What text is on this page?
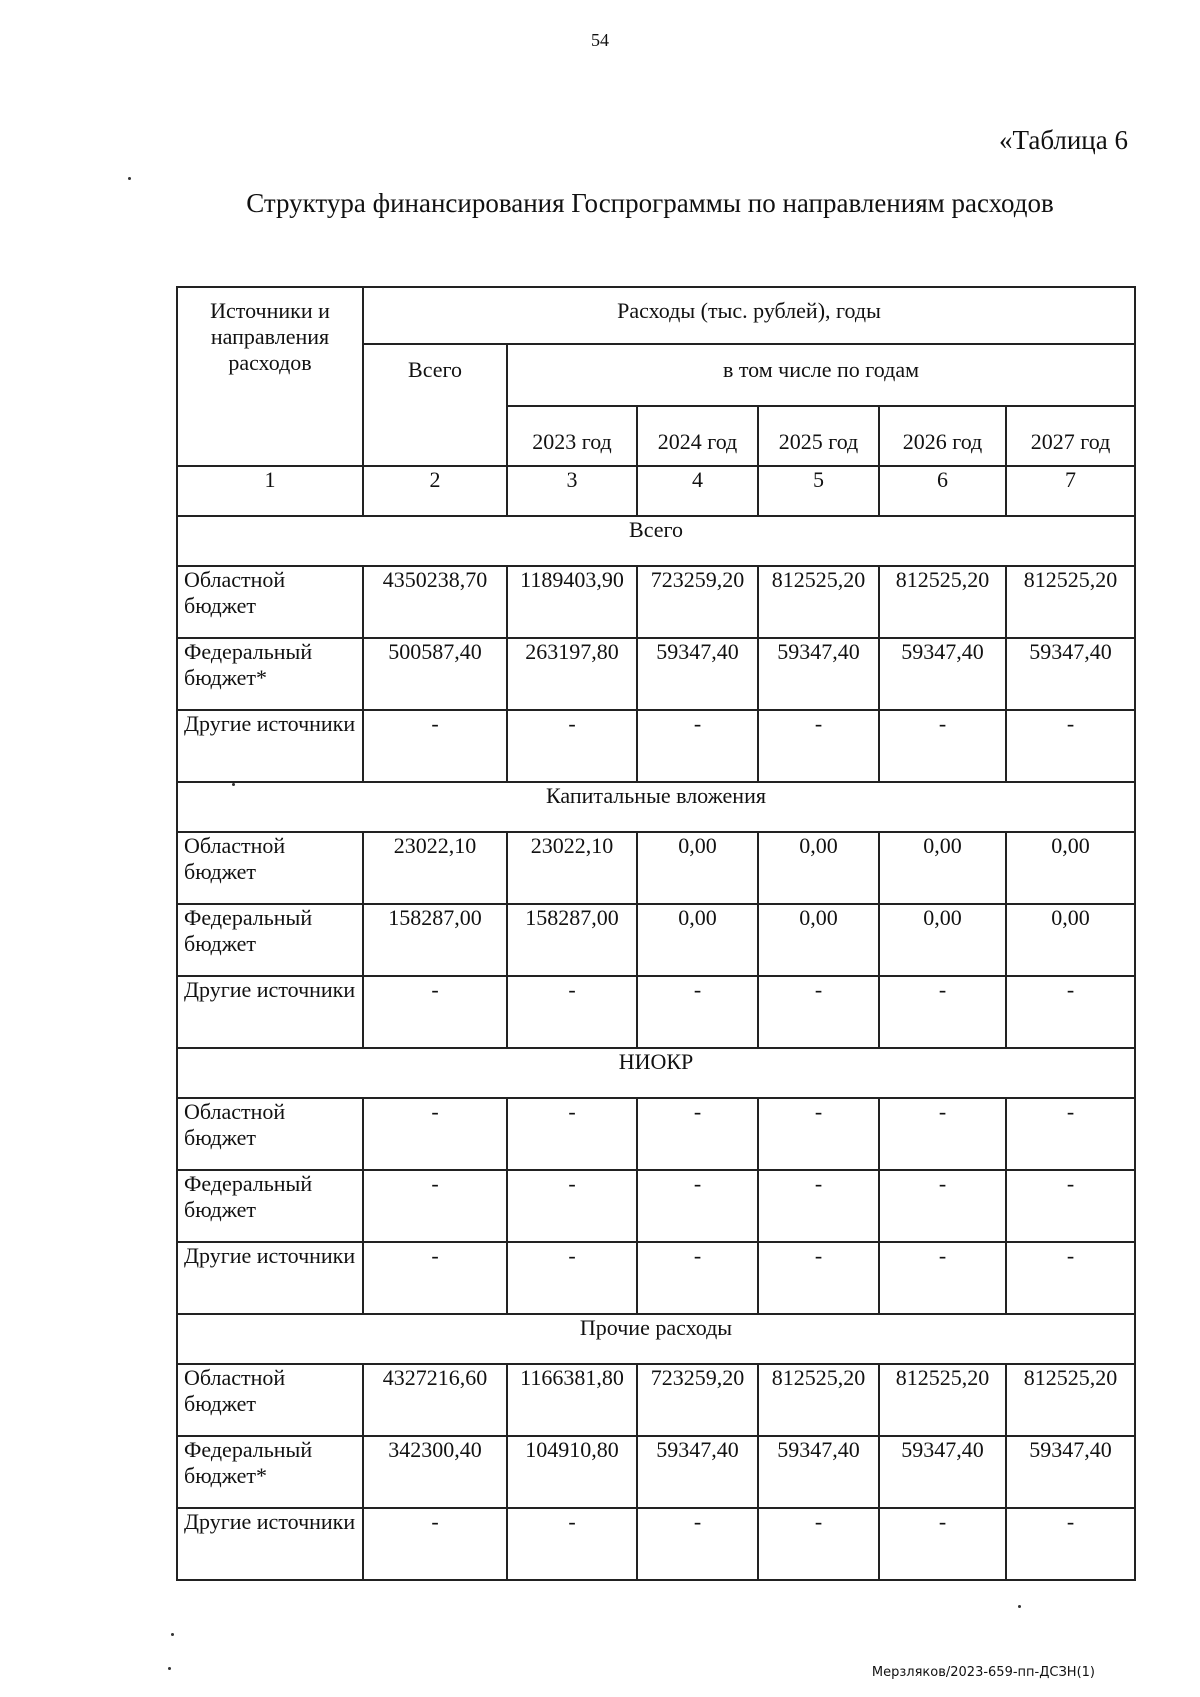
54
«Таблица 6
Структура финансирования Госпрограммы по направлениям расходов
Источники и направления расходов	Расходы (тыс. рублей), годы					
	Всего	в том числе по годам				
		2023 год	2024 год	2025 год	2026 год	2027 год
1	2	3	4	5	6	7
Всего						
Областной бюджет	4350238,70	1189403,90	723259,20	812525,20	812525,20	812525,20
Федеральный бюджет*	500587,40	263197,80	59347,40	59347,40	59347,40	59347,40
Другие источники	-	-	-	-	-	-
Капитальные вложения						
Областной бюджет	23022,10	23022,10	0,00	0,00	0,00	0,00
Федеральный бюджет	158287,00	158287,00	0,00	0,00	0,00	0,00
Другие источники	-	-	-	-	-	-
НИОКР						
Областной бюджет	-	-	-	-	-	-
Федеральный бюджет	-	-	-	-	-	-
Другие источники	-	-	-	-	-	-
Прочие расходы						
Областной бюджет	4327216,60	1166381,80	723259,20	812525,20	812525,20	812525,20
Федеральный бюджет*	342300,40	104910,80	59347,40	59347,40	59347,40	59347,40
Другие источники	-	-	-	-	-	-
Мерзляков/2023-659-пп-ДСЗН(1)
